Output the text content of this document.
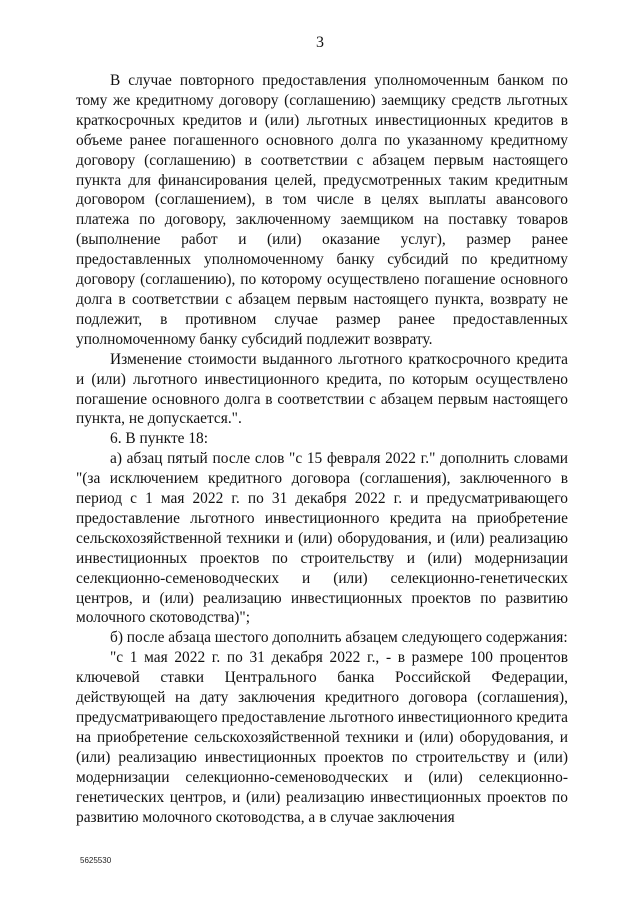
3

В случае повторного предоставления уполномоченным банком по тому же кредитному договору (соглашению) заемщику средств льготных краткосрочных кредитов и (или) льготных инвестиционных кредитов в объеме ранее погашенного основного долга по указанному кредитному договору (соглашению) в соответствии с абзацем первым настоящего пункта для финансирования целей, предусмотренных таким кредитным договором (соглашением), в том числе в целях выплаты авансового платежа по договору, заключенному заемщиком на поставку товаров (выполнение работ и (или) оказание услуг), размер ранее предоставленных уполномоченному банку субсидий по кредитному договору (соглашению), по которому осуществлено погашение основного долга в соответствии с абзацем первым настоящего пункта, возврату не подлежит, в противном случае размер ранее предоставленных уполномоченному банку субсидий подлежит возврату.

Изменение стоимости выданного льготного краткосрочного кредита и (или) льготного инвестиционного кредита, по которым осуществлено погашение основного долга в соответствии с абзацем первым настоящего пункта, не допускается.".

6. В пункте 18:

а) абзац пятый после слов "с 15 февраля 2022 г." дополнить словами "(за исключением кредитного договора (соглашения), заключенного в период с 1 мая 2022 г. по 31 декабря 2022 г. и предусматривающего предоставление льготного инвестиционного кредита на приобретение сельскохозяйственной техники и (или) оборудования, и (или) реализацию инвестиционных проектов по строительству и (или) модернизации селекционно-семеноводческих и (или) селекционно-генетических центров, и (или) реализацию инвестиционных проектов по развитию молочного скотоводства)";

б) после абзаца шестого дополнить абзацем следующего содержания:

"с 1 мая 2022 г. по 31 декабря 2022 г., - в размере 100 процентов ключевой ставки Центрального банка Российской Федерации, действующей на дату заключения кредитного договора (соглашения), предусматривающего предоставление льготного инвестиционного кредита на приобретение сельскохозяйственной техники и (или) оборудования, и (или) реализацию инвестиционных проектов по строительству и (или) модернизации селекционно-семеноводческих и (или) селекционно-генетических центров, и (или) реализацию инвестиционных проектов по развитию молочного скотоводства, а в случае заключения

5625530
